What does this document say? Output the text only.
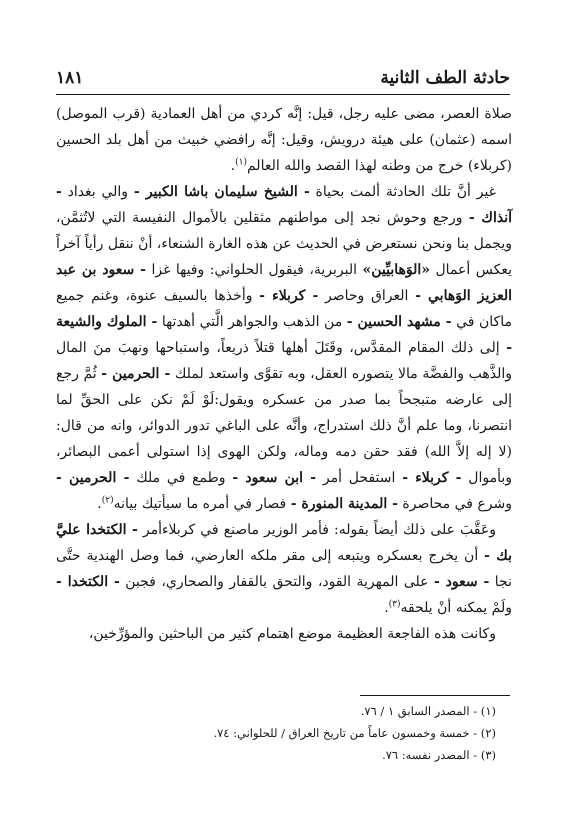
حادثة الطف الثانية
١٨١

صلاة العصر، مضى عليه رجل، قيل: إنَّه كردي من أهل العمادية (قرب الموصل) اسمه (عثمان) على هيئة درويش، وقيل: إنَّه رافضي خبيث من أهل بلد الحسين (كربلاء) خرج من وطنه لهذا القصد والله العالم$^{(١)}$.

غير أنَّ تلك الحادثة ألمت بحياة - الشيخ سليمان باشا الكبير - والي بغداد - آنذاك - ورجع وحوش نجد إلى مواطنهم مثقلين بالأموال النفيسة التي لاتُثمَّن، ويجمل بنا ونحن نستعرض في الحديث عن هذه الغارة الشنعاء، أنْ ننقل رأياً آخراً يعكس أعمال «الوَهابيِّين» البربرية، فيقول الحلواني: وفيها غزا - سعود بن عبد العزيز الوَهابي - العراق وحاصر - كربلاء - وأخذها بالسيف عنوة، وغنم جميع ماكان في - مشهد الحسين - من الذهب والجواهر الَّتي أهدتها - الملوك والشيعة - إلى ذلك المقام المقدَّس، وقَتَلَ أهلها قتلاً ذريعاً، واستباحها ونهبَ منَ المال والذَّهب والفضَّة مالا يتصوره العقل، وبه تقوَّى واستعد لملك - الحرمين - ثُمَّ رجع إلى عارضه متبجحاً بما صدر من عسكره ويقول:لَوْ لَمْ نكن على الحقِّ لما انتصرنا، وما علم أنَّ ذلك استدراج، وأنَّه على الباغي تدور الدوائر، وانه من قال: (لا إله إلاَّ الله) فقد حقن دمه وماله، ولكن الهوى إذا استولى أعمى البصائر، وبأموال - كربلاء - استفحل أمر - ابن سعود - وطمع في ملك - الحرمين - وشرع في محاصرة - المدينة المنورة - فصار في أمره ما سيأتيك بيانه$^{(٢)}$.

وعَقَّبَ على ذلك أيضاً بقوله: فأمر الوزير ماصنع في كربلاءأمر - الكتخدا عليَّ بك - أن يخرج بعسكره ويتبعه إلى مقر ملكه العارضي، فما وصل الهندية حتَّى نجا - سعود - على المهرية القود، والتحق بالقفار والصحاري، فجبن - الكتخدا - ولَمْ يمكنه أنْ يلحقه$^{(٣)}$.

وكانت هذه الفاجعة العظيمة موضع اهتمام كثير من الباحثين والمؤرِّخين،

(١) - المصدر السابق ١ / ٧٦.
(٢) - خمسة وخمسون عاماً من تاريخ العراق / للحلواني: ٧٤.
(٣) - المصدر نفسه: ٧٦.
